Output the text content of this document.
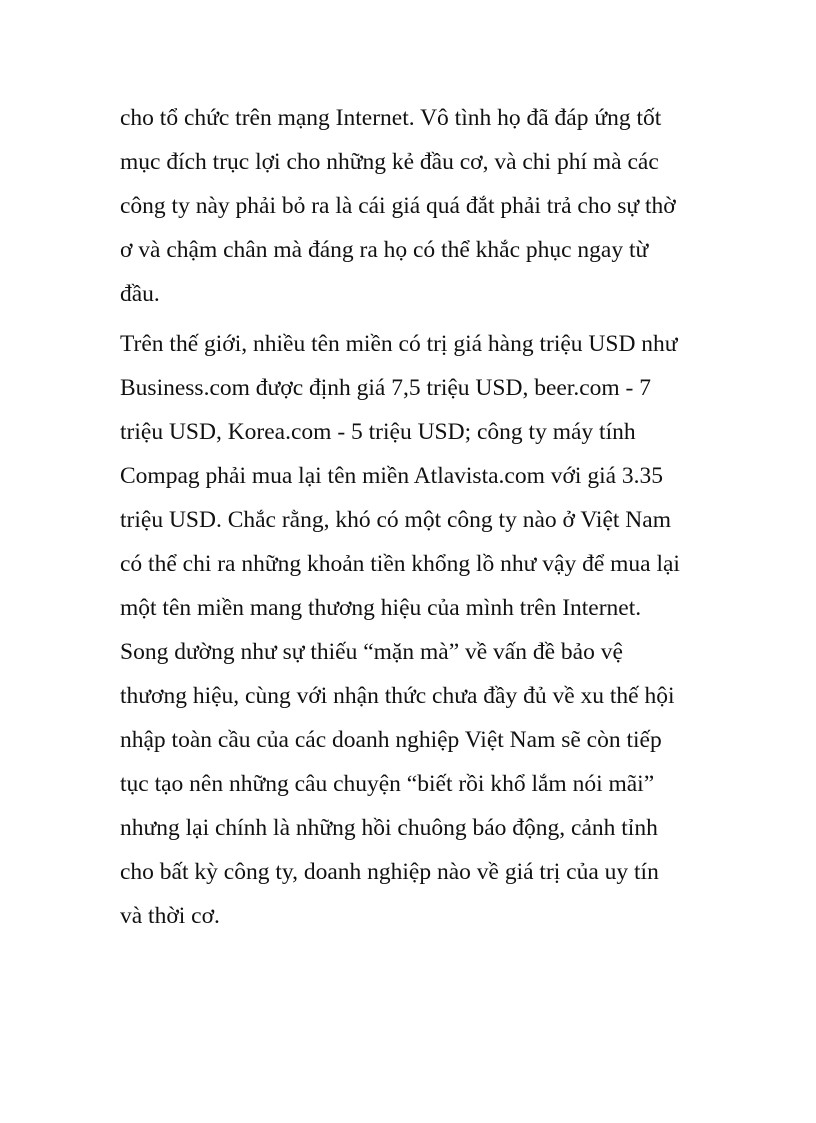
cho tổ chức trên mạng Internet. Vô tình họ đã đáp ứng tốt
mục đích trục lợi cho những kẻ đầu cơ, và chi phí mà các
công ty này phải bỏ ra là cái giá quá đắt phải trả cho sự thờ
ơ và chậm chân mà đáng ra họ có thể khắc phục ngay từ
đầu.
Trên thế giới, nhiều tên miền có trị giá hàng triệu USD như
Business.com được định giá 7,5 triệu USD, beer.com - 7
triệu USD, Korea.com - 5 triệu USD; công ty máy tính
Compag phải mua lại tên miền Atlavista.com với giá 3.35
triệu USD. Chắc rằng, khó có một công ty nào ở Việt Nam
có thể chi ra những khoản tiền khổng lồ như vậy để mua lại
một tên miền mang thương hiệu của mình trên Internet.
Song dường như sự thiếu “mặn mà” về vấn đề bảo vệ
thương hiệu, cùng với nhận thức chưa đầy đủ về xu thế hội
nhập toàn cầu của các doanh nghiệp Việt Nam sẽ còn tiếp
tục tạo nên những câu chuyện “biết rồi khổ lắm nói mãi”
nhưng lại chính là những hồi chuông báo động, cảnh tỉnh
cho bất kỳ công ty, doanh nghiệp nào về giá trị của uy tín
và thời cơ.
